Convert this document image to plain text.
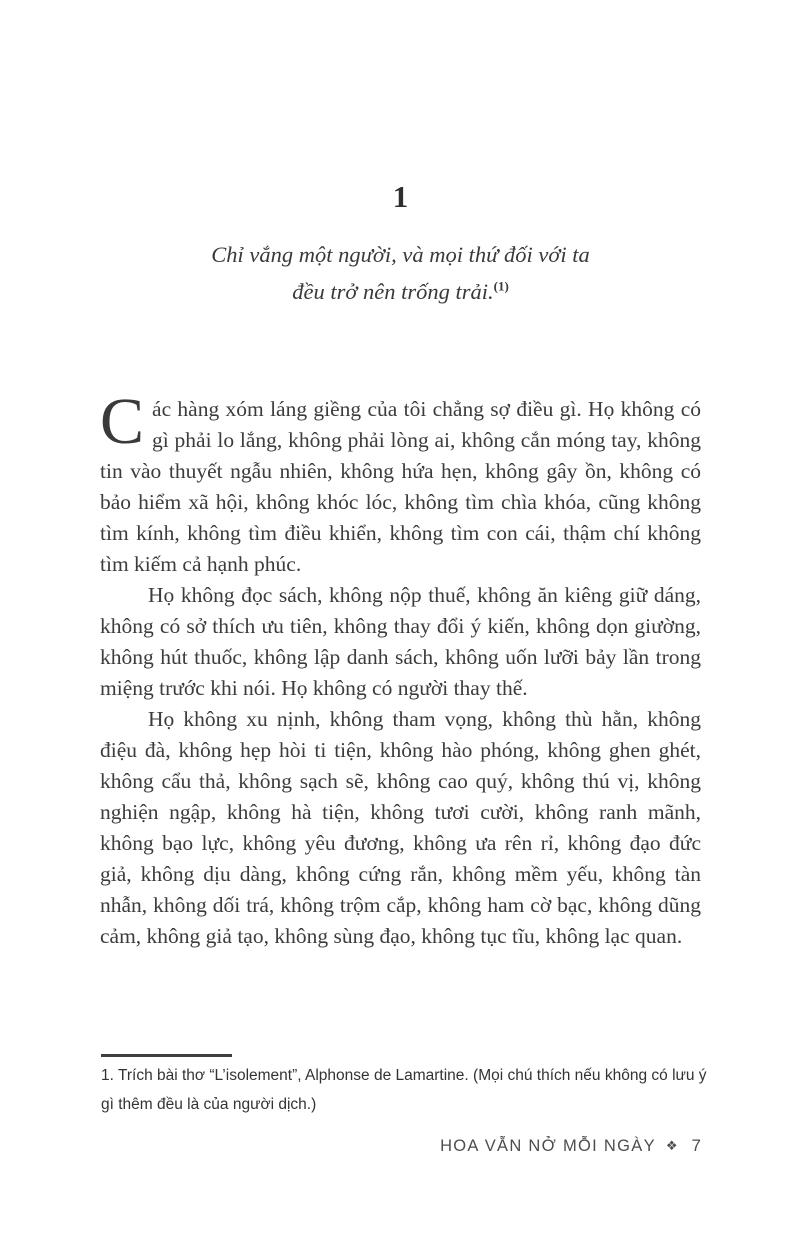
1
Chỉ vắng một người, và mọi thứ đối với ta
đều trở nên trống trải.$^{(1)}$

Các hàng xóm láng giềng của tôi chẳng sợ điều gì. Họ không có gì phải lo lắng, không phải lòng ai, không cắn móng tay, không tin vào thuyết ngẫu nhiên, không hứa hẹn, không gây ồn, không có bảo hiểm xã hội, không khóc lóc, không tìm chìa khóa, cũng không tìm kính, không tìm điều khiển, không tìm con cái, thậm chí không tìm kiếm cả hạnh phúc.

Họ không đọc sách, không nộp thuế, không ăn kiêng giữ dáng, không có sở thích ưu tiên, không thay đổi ý kiến, không dọn giường, không hút thuốc, không lập danh sách, không uốn lưỡi bảy lần trong miệng trước khi nói. Họ không có người thay thế.

Họ không xu nịnh, không tham vọng, không thù hằn, không điệu đà, không hẹp hòi ti tiện, không hào phóng, không ghen ghét, không cẩu thả, không sạch sẽ, không cao quý, không thú vị, không nghiện ngập, không hà tiện, không tươi cười, không ranh mãnh, không bạo lực, không yêu đương, không ưa rên rỉ, không đạo đức giả, không dịu dàng, không cứng rắn, không mềm yếu, không tàn nhẫn, không dối trá, không trộm cắp, không ham cờ bạc, không dũng cảm, không giả tạo, không sùng đạo, không tục tĩu, không lạc quan.

1. Trích bài thơ “L’isolement”, Alphonse de Lamartine. (Mọi chú thích nếu không có lưu ý gì thêm đều là của người dịch.)
HOA VẪN NỞ MỖI NGÀY ❖ 7
